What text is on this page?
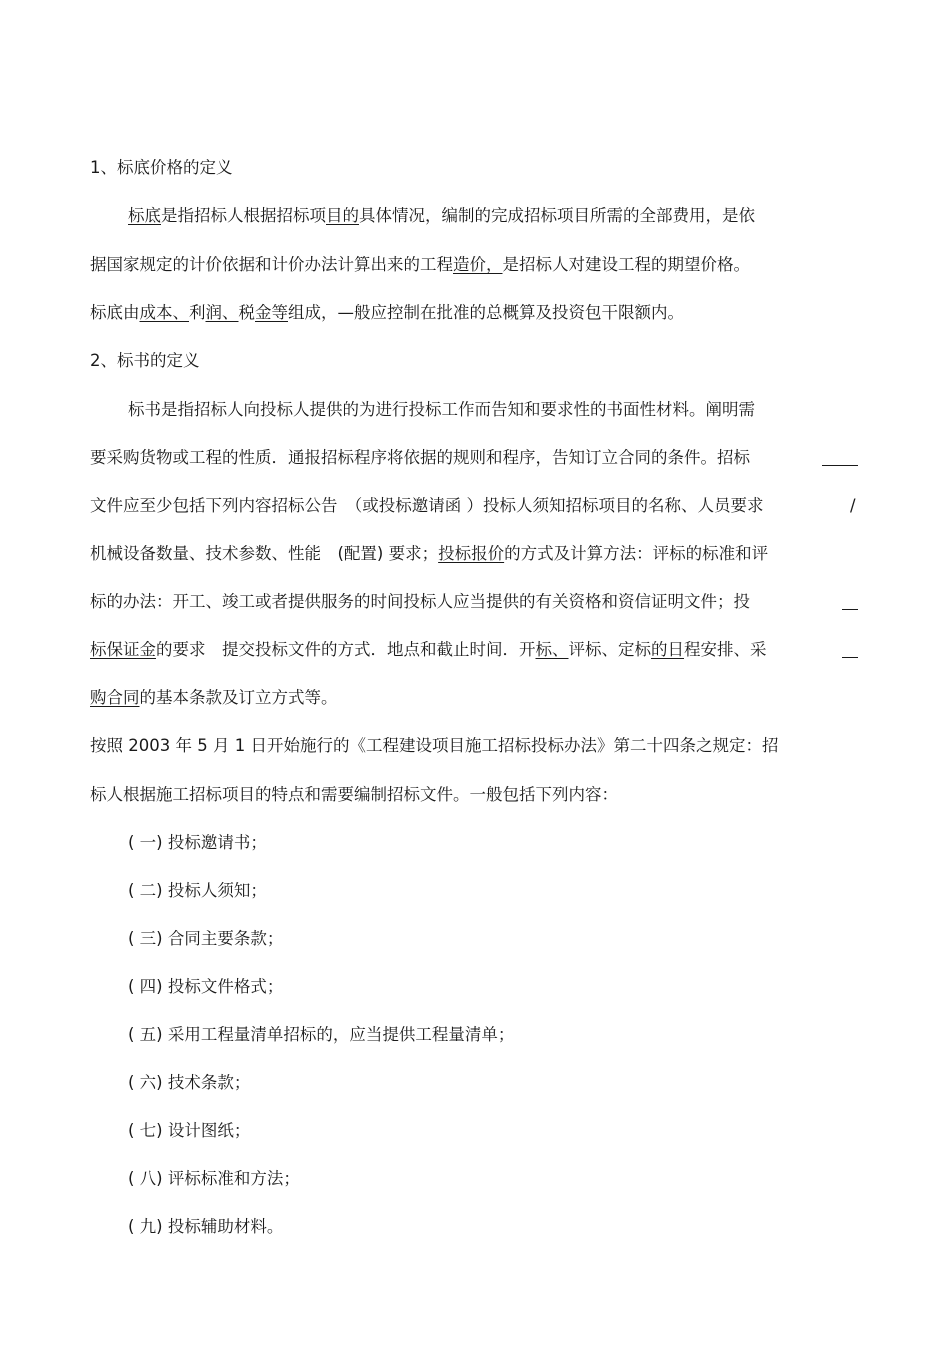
1、标底价格的定义
标底是指招标人根据招标项目的具体情况，编制的完成招标项目所需的全部费用，是依
据国家规定的计价依据和计价办法计算出来的工程造价，是招标人对建设工程的期望价格。
标底由成本、利润、税金等组成，—般应控制在批准的总概算及投资包干限额内。
2、标书的定义
标书是指招标人向投标人提供的为进行投标工作而告知和要求性的书面性材料。阐明需
要采购货物或工程的性质．通报招标程序将依据的规则和程序，告知订立合同的条件。招标
文件应至少包括下列内容招标公告　（或投标邀请函 ）投标人须知招标项目的名称、人员要求	/
机械设备数量、技术参数、性能　(配置) 要求；投标报价的方式及计算方法：评标的标准和评
标的办法：开工、竣工或者提供服务的时间投标人应当提供的有关资格和资信证明文件；投
标保证金的要求　提交投标文件的方式．地点和截止时间．开标、评标、定标的日程安排、采
购合同的基本条款及订立方式等。
按照 2003 年 5 月 1 日开始施行的《工程建设项目施工招标投标办法》第二十四条之规定：招
标人根据施工招标项目的特点和需要编制招标文件。一般包括下列内容：
( 一) 投标邀请书；
( 二) 投标人须知；
( 三) 合同主要条款；
( 四) 投标文件格式；
( 五) 采用工程量清单招标的，应当提供工程量清单；
( 六) 技术条款；
( 七) 设计图纸；
( 八) 评标标准和方法；
( 九) 投标辅助材料。
